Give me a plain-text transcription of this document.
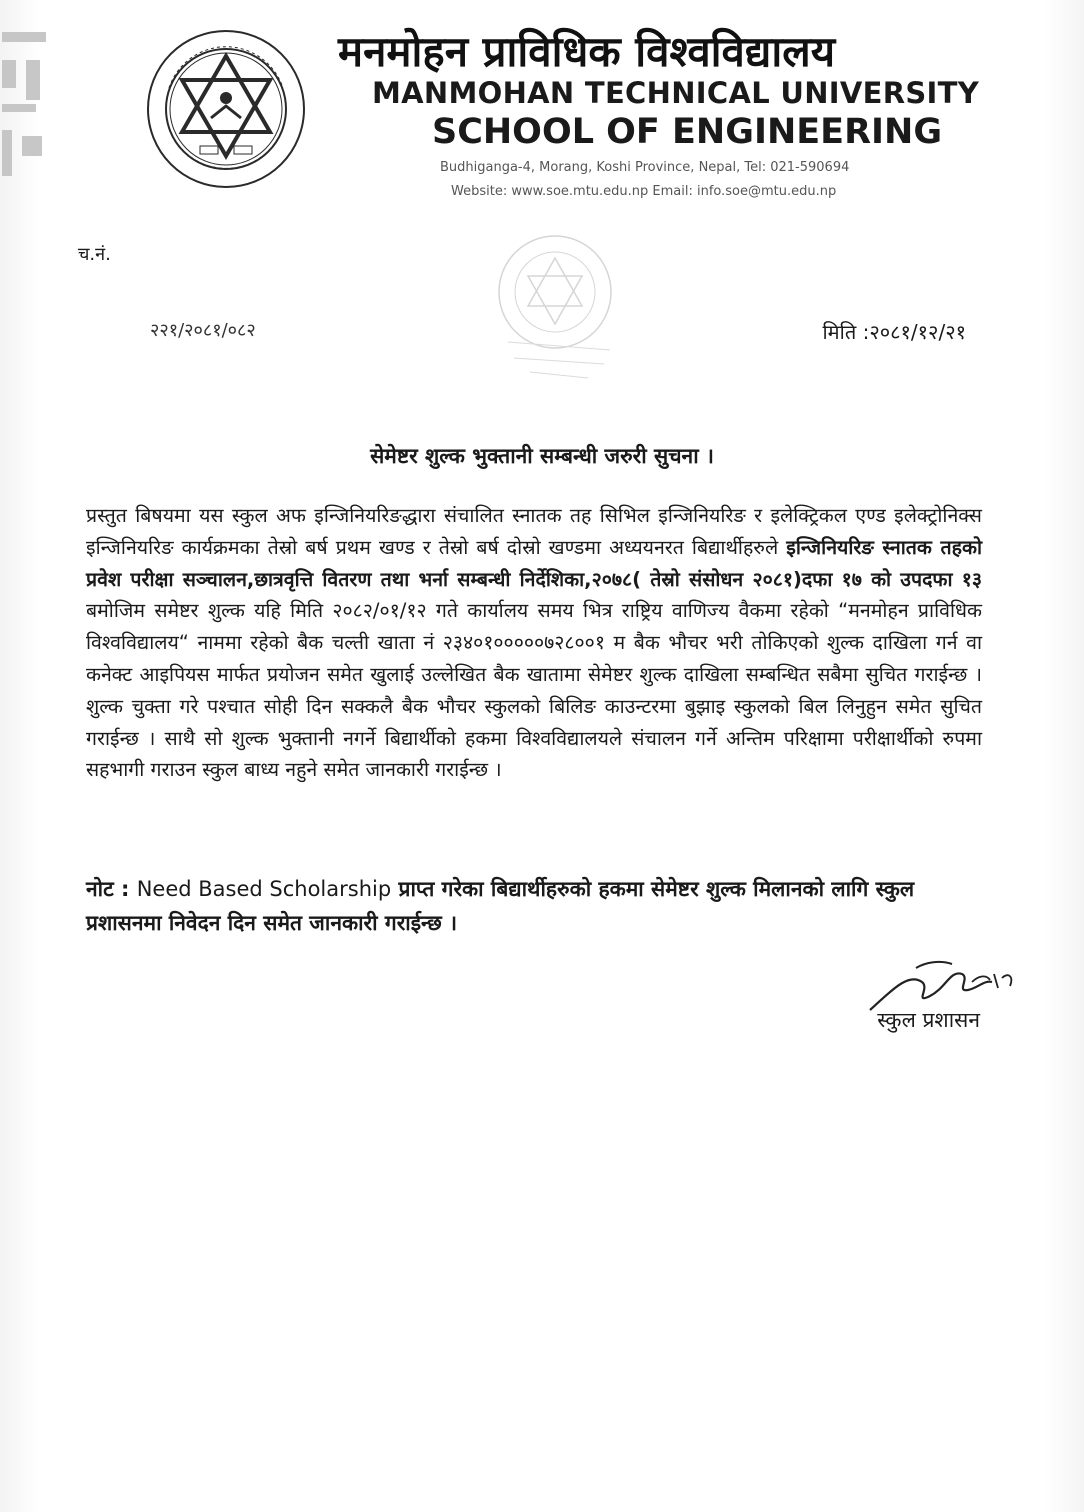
मनमोहन प्राविधिक विश्वविद्यालय
MANMOHAN TECHNICAL UNIVERSITY
SCHOOL OF ENGINEERING
Budhiganga-4, Morang, Koshi Province, Nepal, Tel: 021-590694
Website: www.soe.mtu.edu.np Email: info.soe@mtu.edu.np
च.नं.
२२१/२०८१/०८२	मिति :२०८१/१२/२१
सेमेष्टर शुल्क भुक्तानी सम्बन्धी जरुरी सुचना ।
प्रस्तुत बिषयमा यस स्कुल अफ इन्जिनियरिङद्धारा संचालित स्नातक तह सिभिल इन्जिनियरिङ र इलेक्ट्रिकल एण्ड इलेक्ट्रोनिक्स इन्जिनियरिङ कार्यक्रमका तेस्रो बर्ष प्रथम खण्ड र तेस्रो बर्ष दोस्रो खण्डमा अध्ययनरत बिद्यार्थीहरुले इन्जिनियरिङ स्नातक तहको प्रवेश परीक्षा सञ्चालन,छात्रवृत्ति वितरण तथा भर्ना सम्बन्धी निर्देशिका,२०७८( तेस्रो संसोधन २०८१)दफा १७ को उपदफा १३ बमोजिम समेष्टर शुल्क यहि मिति २०८२/०१/१२ गते कार्यालय समय भित्र राष्ट्रिय वाणिज्य वैकमा रहेको “मनमोहन प्राविधिक विश्वविद्यालय“ नाममा रहेको बैक चल्ती खाता नं २३४०१०००००७२८००१ म बैक भौचर भरी तोकिएको शुल्क दाखिला गर्न वा कनेक्ट आइपियस मार्फत प्रयोजन समेत खुलाई उल्लेखित बैक खातामा सेमेष्टर शुल्क दाखिला सम्बन्धित सबैमा सुचित गराईन्छ । शुल्क चुक्ता गरे पश्चात सोही दिन सक्कलै बैक भौचर स्कुलको बिलिङ काउन्टरमा बुझाइ स्कुलको बिल लिनुहुन समेत सुचित गराईन्छ । साथै सो शुल्क भुक्तानी नगर्ने बिद्यार्थीको हकमा विश्वविद्यालयले संचालन गर्ने अन्तिम परिक्षामा परीक्षार्थीको रुपमा सहभागी गराउन स्कुल बाध्य नहुने समेत जानकारी गराईन्छ ।
नोट : Need Based Scholarship प्राप्त गरेका बिद्यार्थीहरुको हकमा सेमेष्टर शुल्क मिलानको लागि स्कुल प्रशासनमा निवेदन दिन समेत जानकारी गराईन्छ ।
स्कुल प्रशासन
